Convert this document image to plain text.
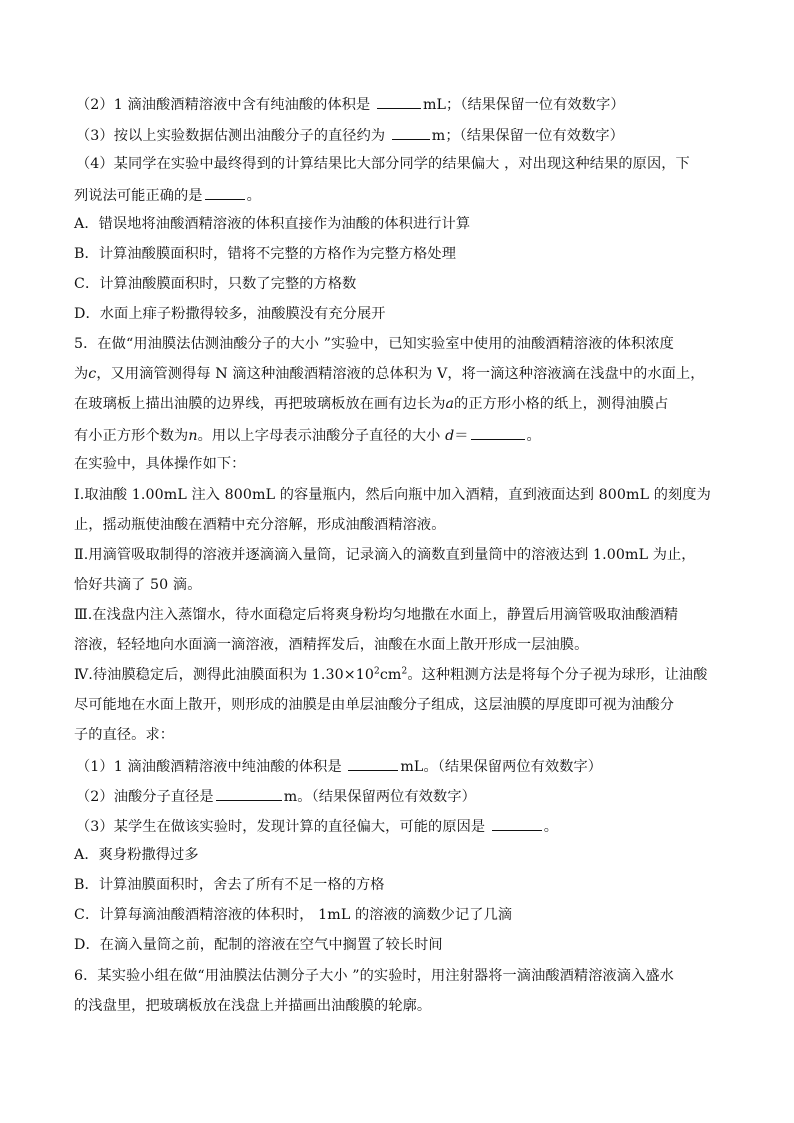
（2）1 滴油酸酒精溶液中含有纯油酸的体积是	mL；（结果保留一位有效数字）
（3）按以上实验数据估测出油酸分子的直径约为	m；（结果保留一位有效数字）
（4）某同学在实验中最终得到的计算结果比大部分同学的结果偏大 ，对出现这种结果的原因，下
列说法可能正确的是	。
A．错误地将油酸酒精溶液的体积直接作为油酸的体积进行计算
B．计算油酸膜面积时，错将不完整的方格作为完整方格处理
C．计算油酸膜面积时，只数了完整的方格数
D．水面上痱子粉撒得较多，油酸膜没有充分展开
5．在做“用油膜法估测油酸分子的大小 ”实验中，已知实验室中使用的油酸酒精溶液的体积浓度
为c，又用滴管测得每 N 滴这种油酸酒精溶液的总体积为 V，将一滴这种溶液滴在浅盘中的水面上，
在玻璃板上描出油膜的边界线，再把玻璃板放在画有边长为a的正方形小格的纸上，测得油膜占
有小正方形个数为n。用以上字母表示油酸分子直径的大小 d＝	。
在实验中，具体操作如下：
Ⅰ.取油酸 1.00mL 注入 800mL 的容量瓶内，然后向瓶中加入酒精，直到液面达到 800mL 的刻度为
止，摇动瓶使油酸在酒精中充分溶解，形成油酸酒精溶液。
Ⅱ.用滴管吸取制得的溶液并逐滴滴入量筒，记录滴入的滴数直到量筒中的溶液达到 1.00mL 为止，
恰好共滴了 50 滴。
Ⅲ.在浅盘内注入蒸馏水，待水面稳定后将爽身粉均匀地撒在水面上，静置后用滴管吸取油酸酒精
溶液，轻轻地向水面滴一滴溶液，酒精挥发后，油酸在水面上散开形成一层油膜。
Ⅳ.待油膜稳定后，测得此油膜面积为 $1.30\times 10^2cm^2$。这种粗测方法是将每个分子视为球形，让油酸
尽可能地在水面上散开，则形成的油膜是由单层油酸分子组成，这层油膜的厚度即可视为油酸分
子的直径。求：
（1）1 滴油酸酒精溶液中纯油酸的体积是	mL。（结果保留两位有效数字）
（2）油酸分子直径是	m。（结果保留两位有效数字）
（3）某学生在做该实验时，发现计算的直径偏大，可能的原因是	。
A．爽身粉撒得过多
B．计算油膜面积时，舍去了所有不足一格的方格
C．计算每滴油酸酒精溶液的体积时， 1mL 的溶液的滴数少记了几滴
D．在滴入量筒之前，配制的溶液在空气中搁置了较长时间
6．某实验小组在做“用油膜法估测分子大小 ”的实验时，用注射器将一滴油酸酒精溶液滴入盛水
的浅盘里，把玻璃板放在浅盘上并描画出油酸膜的轮廓。
